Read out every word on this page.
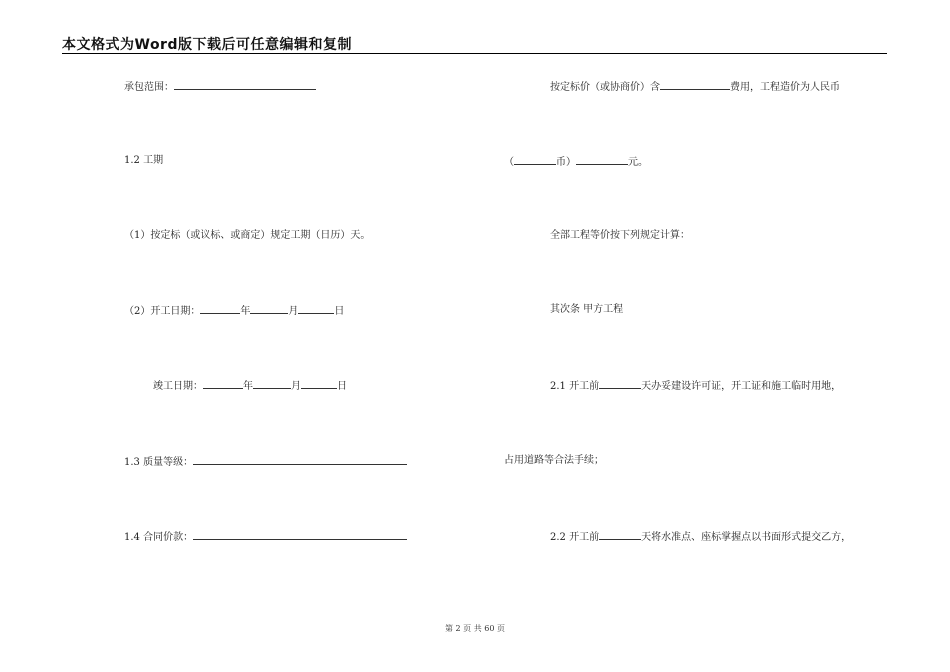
本文格式为Word版下载后可任意编辑和复制
承包范围：
1.2 工期
（1）按定标（或议标、或商定）规定工期（日历）天。
（2）开工日期：	年	月	日
竣工日期：	年	月	日
1.3 质量等级：
1.4 合同价款：
按定标价（或协商价）含	费用，工程造价为人民币
（	币）	元。
全部工程等价按下列规定计算：
其次条 甲方工程
2.1 开工前	天办妥建设许可证，开工证和施工临时用地，
占用道路等合法手续；
2.2 开工前	天将水准点、座标掌握点以书面形式提交乙方，
第 2 页 共 60 页
